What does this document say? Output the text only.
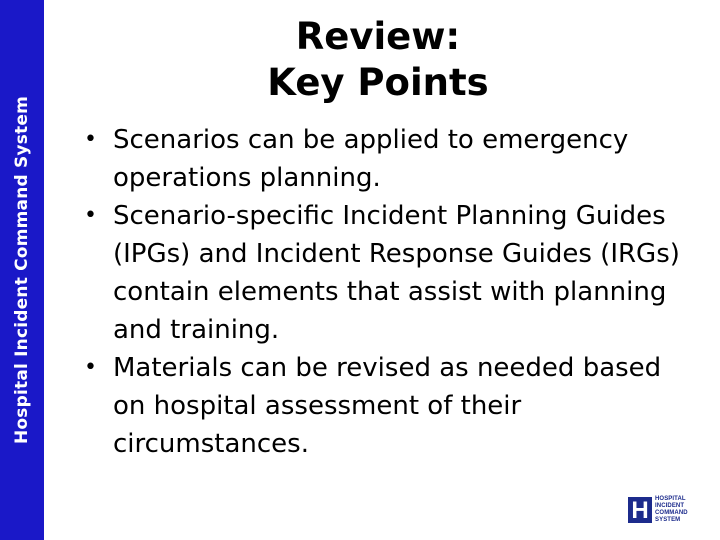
Hospital Incident Command System
Review:
Key Points
• Scenarios can be applied to emergency operations planning.
• Scenario-specific Incident Planning Guides (IPGs) and Incident Response Guides (IRGs) contain elements that assist with planning and training.
• Materials can be revised as needed based on hospital assessment of their circumstances.
H	HOSPITAL
INCIDENT
COMMAND
SYSTEM
